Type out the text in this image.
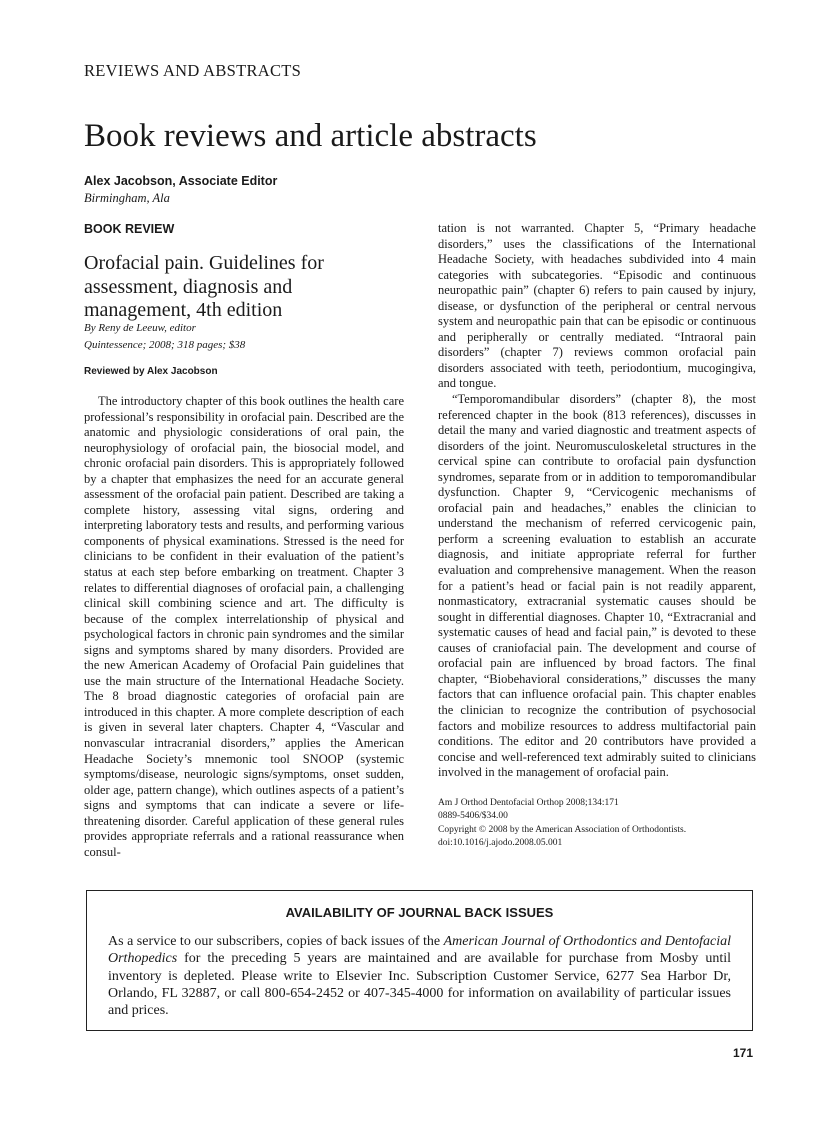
REVIEWS AND ABSTRACTS
Book reviews and article abstracts
Alex Jacobson, Associate Editor
Birmingham, Ala
BOOK REVIEW
Orofacial pain. Guidelines for assessment, diagnosis and management, 4th edition
By Reny de Leeuw, editor
Quintessence; 2008; 318 pages; $38
Reviewed by Alex Jacobson

The introductory chapter of this book outlines the health care professional’s responsibility in orofacial pain. Described are the anatomic and physiologic considerations of oral pain, the neurophysiology of orofacial pain, the biosocial model, and chronic orofacial pain disorders. This is appropriately followed by a chapter that emphasizes the need for an accurate general assessment of the orofacial pain patient. Described are taking a complete history, assessing vital signs, ordering and interpreting laboratory tests and results, and performing various components of physical examinations. Stressed is the need for clinicians to be confident in their evaluation of the patient’s status at each step before embarking on treatment. Chapter 3 relates to differential diagnoses of orofacial pain, a challenging clinical skill combining science and art. The difficulty is because of the complex interrelationship of physical and psychological factors in chronic pain syndromes and the similar signs and symptoms shared by many disorders. Provided are the new American Academy of Orofacial Pain guidelines that use the main structure of the International Headache Society. The 8 broad diagnostic categories of orofacial pain are introduced in this chapter. A more complete description of each is given in several later chapters. Chapter 4, “Vascular and nonvascular intracranial disorders,” applies the American Headache Society’s mnemonic tool SNOOP (systemic symptoms/disease, neurologic signs/symptoms, onset sudden, older age, pattern change), which outlines aspects of a patient’s signs and symptoms that can indicate a severe or life-threatening disorder. Careful application of these general rules provides appropriate referrals and a rational reassurance when consul-

tation is not warranted. Chapter 5, “Primary headache disorders,” uses the classifications of the International Headache Society, with headaches subdivided into 4 main categories with subcategories. “Episodic and continuous neuropathic pain” (chapter 6) refers to pain caused by injury, disease, or dysfunction of the peripheral or central nervous system and neuropathic pain that can be episodic or continuous and peripherally or centrally mediated. “Intraoral pain disorders” (chapter 7) reviews common orofacial pain disorders associated with teeth, periodontium, mucogingiva, and tongue.

“Temporomandibular disorders” (chapter 8), the most referenced chapter in the book (813 references), discusses in detail the many and varied diagnostic and treatment aspects of disorders of the joint. Neuromusculoskeletal structures in the cervical spine can contribute to orofacial pain dysfunction syndromes, separate from or in addition to temporomandibular dysfunction. Chapter 9, “Cervicogenic mechanisms of orofacial pain and headaches,” enables the clinician to understand the mechanism of referred cervicogenic pain, perform a screening evaluation to establish an accurate diagnosis, and initiate appropriate referral for further evaluation and comprehensive management. When the reason for a patient’s head or facial pain is not readily apparent, nonmasticatory, extracranial systematic causes should be sought in differential diagnoses. Chapter 10, “Extracranial and systematic causes of head and facial pain,” is devoted to these causes of craniofacial pain. The development and course of orofacial pain are influenced by broad factors. The final chapter, “Biobehavioral considerations,” discusses the many factors that can influence orofacial pain. This chapter enables the clinician to recognize the contribution of psychosocial factors and mobilize resources to address multifactorial pain conditions. The editor and 20 contributors have provided a concise and well-referenced text admirably suited to clinicians involved in the management of orofacial pain.

Am J Orthod Dentofacial Orthop 2008;134:171
0889-5406/$34.00
Copyright © 2008 by the American Association of Orthodontists.
doi:10.1016/j.ajodo.2008.05.001
AVAILABILITY OF JOURNAL BACK ISSUES
As a service to our subscribers, copies of back issues of the American Journal of Orthodontics and Dentofacial Orthopedics for the preceding 5 years are maintained and are available for purchase from Mosby until inventory is depleted. Please write to Elsevier Inc. Subscription Customer Service, 6277 Sea Harbor Dr, Orlando, FL 32887, or call 800-654-2452 or 407-345-4000 for information on availability of particular issues and prices.
171
